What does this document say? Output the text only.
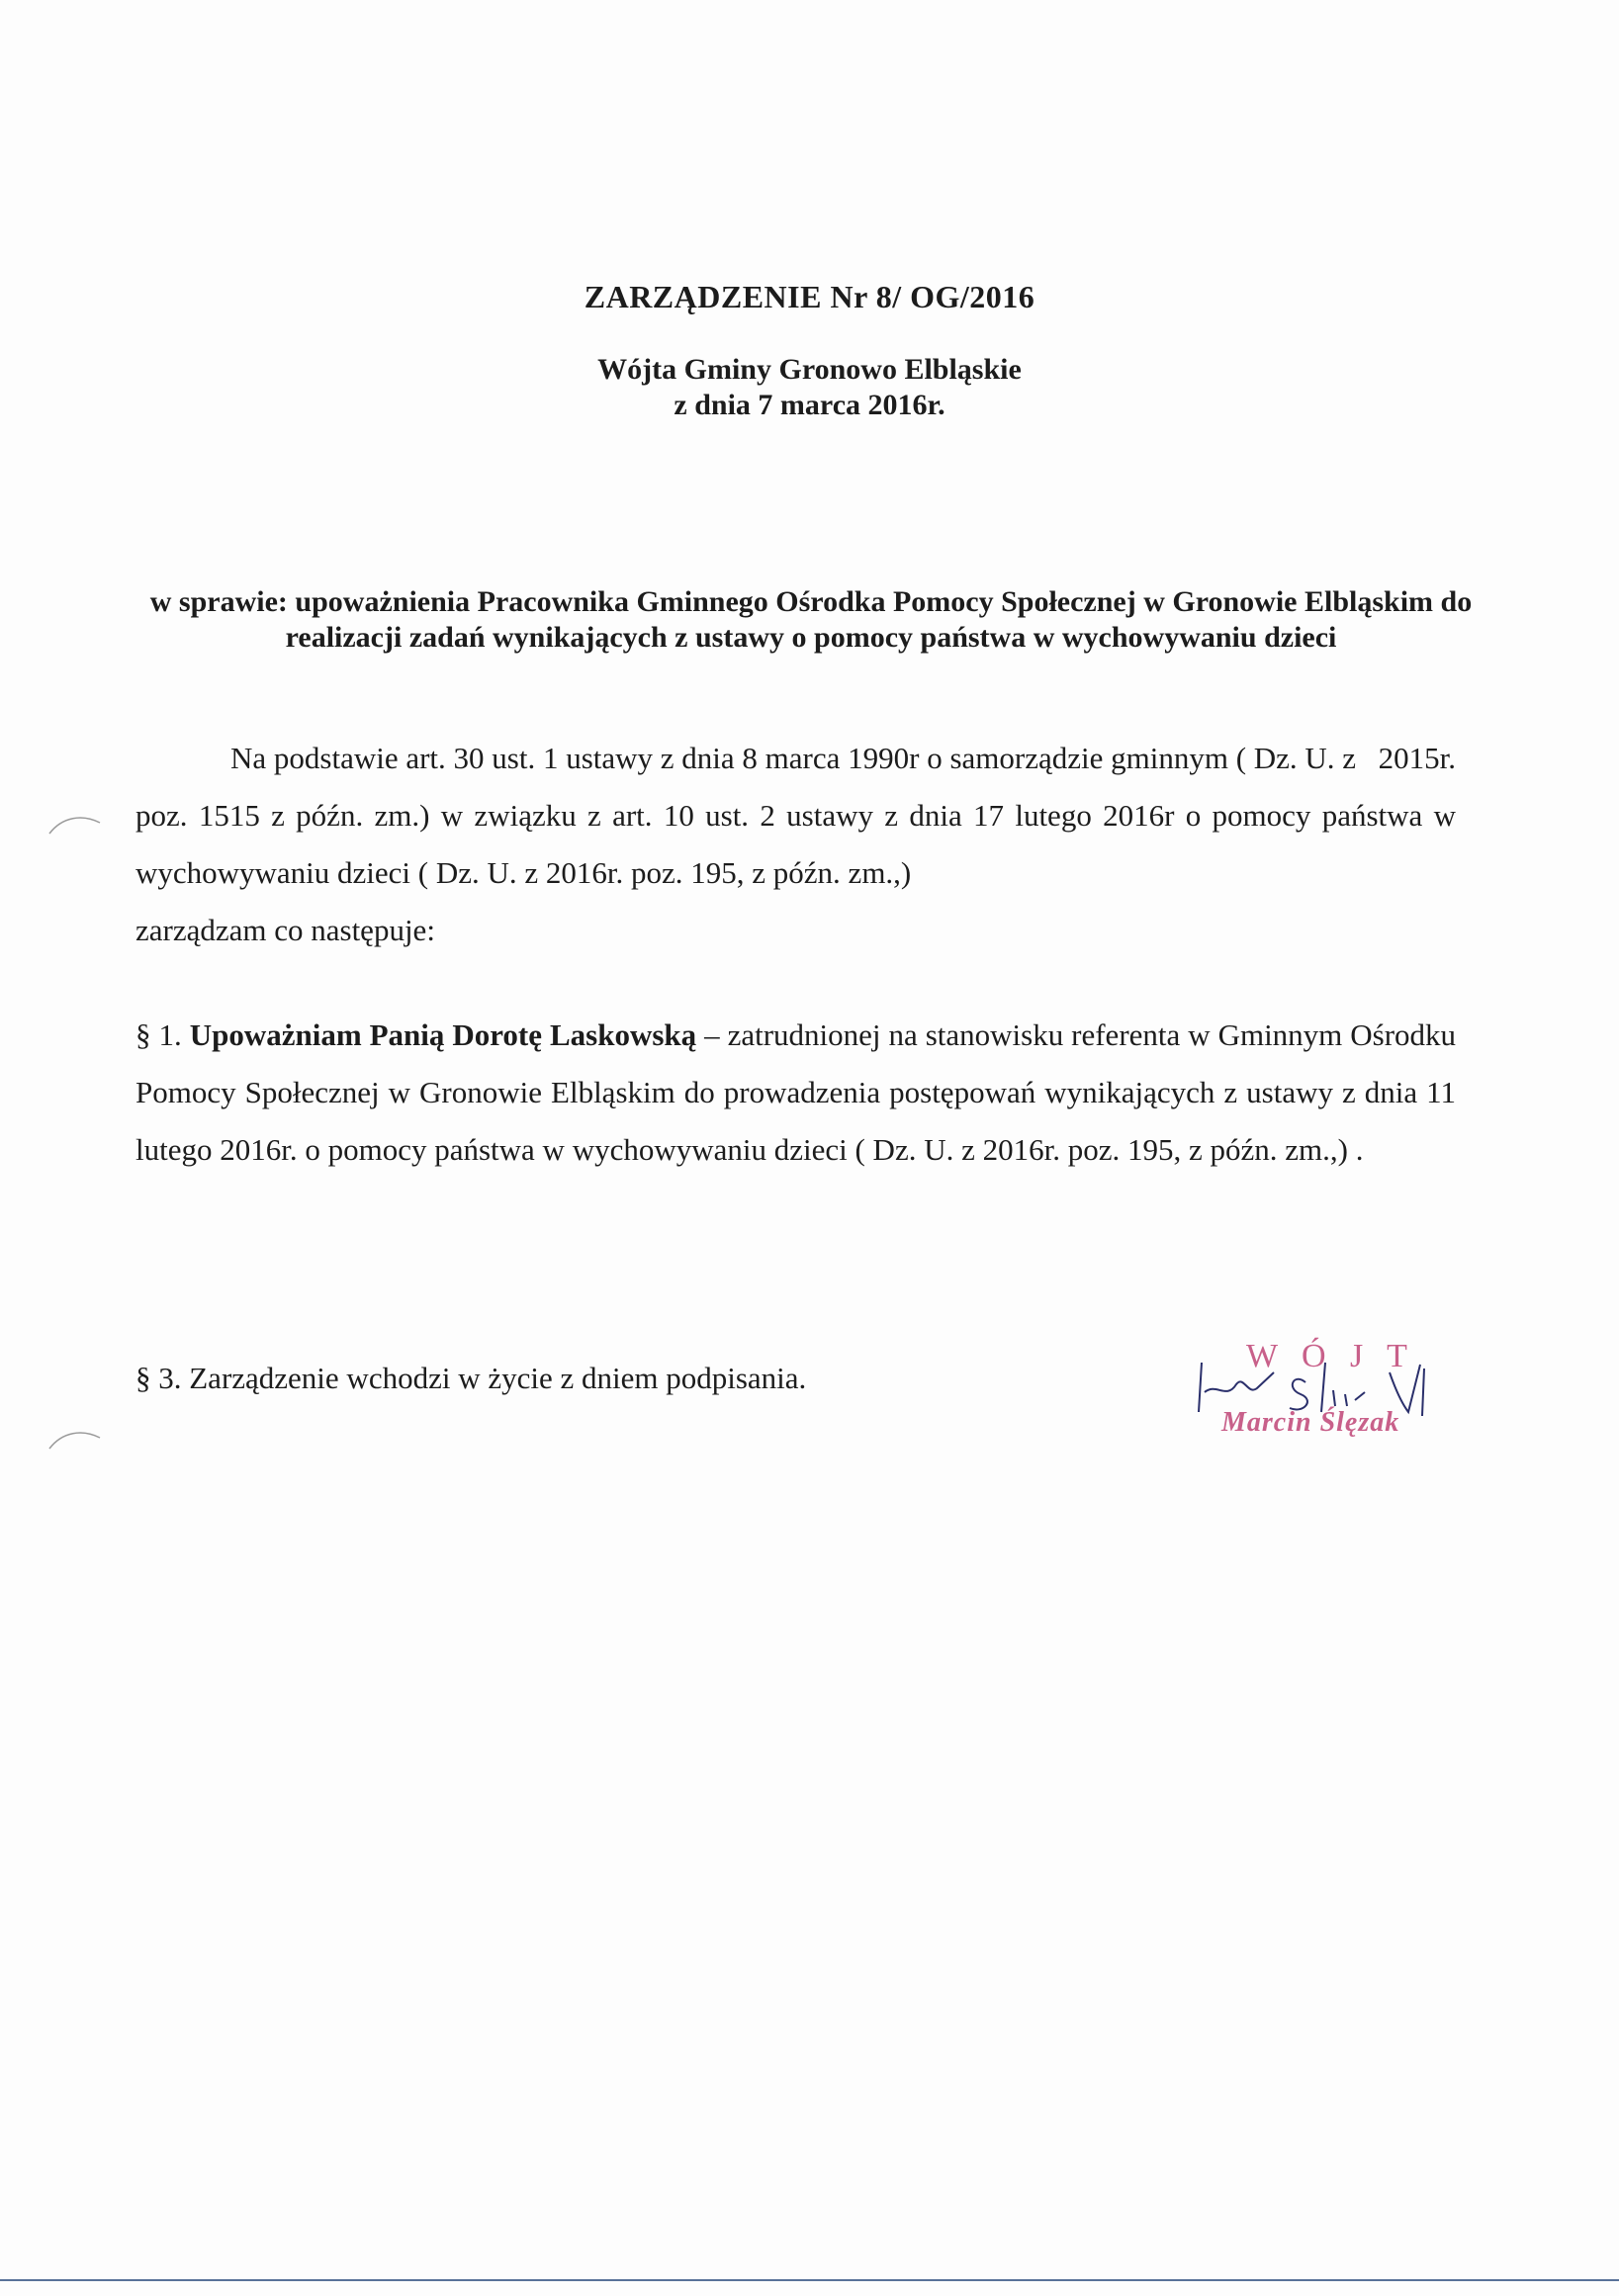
ZARZĄDZENIE Nr 8/ OG/2016
Wójta Gminy Gronowo Elbląskie
z dnia 7 marca 2016r.
w sprawie: upoważnienia Pracownika Gminnego Ośrodka Pomocy Społecznej w Gronowie Elbląskim do realizacji zadań wynikających z ustawy o pomocy państwa w wychowywaniu dzieci
Na podstawie art. 30 ust. 1 ustawy z dnia 8 marca 1990r o samorządzie gminnym ( Dz. U. z 2015r. poz. 1515 z późn. zm.) w związku z art. 10 ust. 2 ustawy z dnia 17 lutego 2016r o pomocy państwa w wychowywaniu dzieci ( Dz. U. z 2016r. poz. 195, z późn. zm.,)
zarządzam co następuje:
§ 1. Upoważniam Panią Dorotę Laskowską – zatrudnionej na stanowisku referenta w Gminnym Ośrodku Pomocy Społecznej w Gronowie Elbląskim do prowadzenia postępowań wynikających z ustawy z dnia 11 lutego 2016r. o pomocy państwa w wychowywaniu dzieci ( Dz. U. z 2016r. poz. 195, z późn. zm.,) .
§ 3. Zarządzenie wchodzi w życie z dniem podpisania.
W Ó J T
Marcin Ślęzak
